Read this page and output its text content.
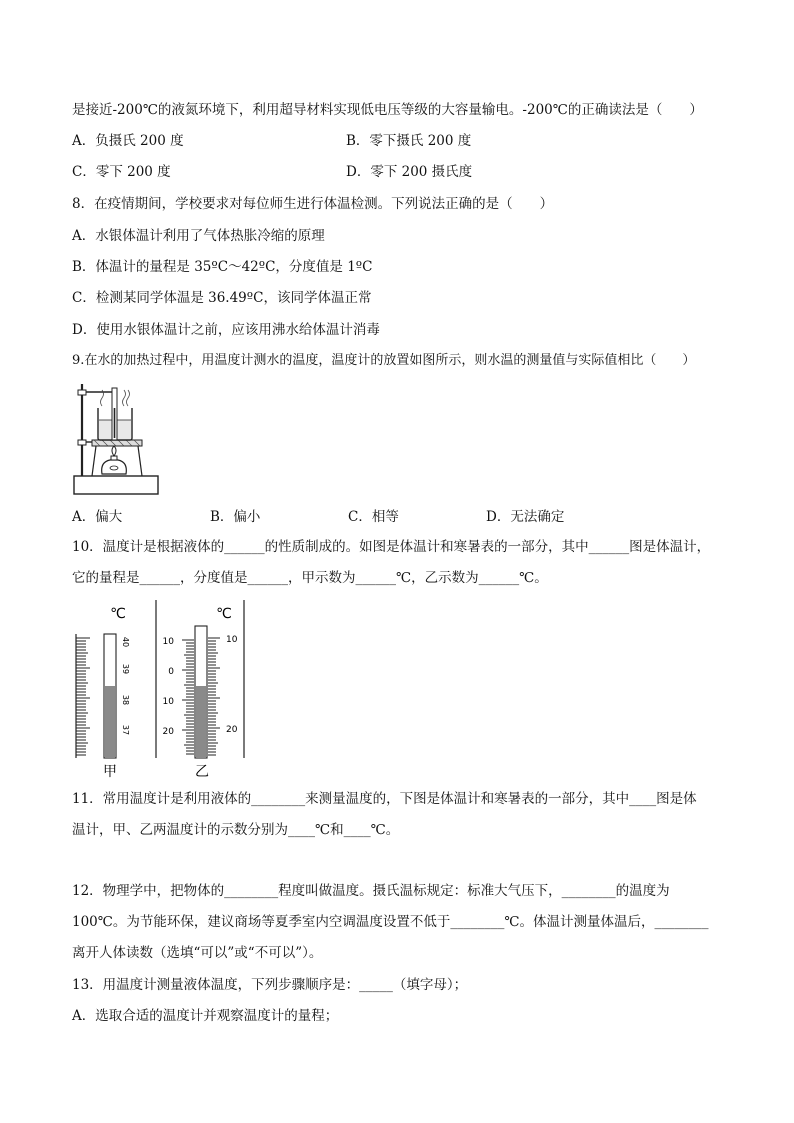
是接近-200℃的液氮环境下，利用超导材料实现低电压等级的大容量输电。-200℃的正确读法是（　　）
A．负摄氏 200 度	B．零下摄氏 200 度
C．零下 200 度	D．零下 200 摄氏度
8．在疫情期间，学校要求对每位师生进行体温检测。下列说法正确的是（　　）
A．水银体温计利用了气体热胀冷缩的原理
B．体温计的量程是 35ºC～42ºC，分度值是 1ºC
C．检测某同学体温是 36.49ºC，该同学体温正常
D．使用水银体温计之前，应该用沸水给体温计消毒
9.在水的加热过程中，用温度计测水的温度，温度计的放置如图所示，则水温的测量值与实际值相比（　　）
A．偏大	B．偏小	C．相等	D．无法确定
10．温度计是根据液体的______的性质制成的。如图是体温计和寒暑表的一部分，其中______图是体温计，
它的量程是______，分度值是______，甲示数为______℃，乙示数为______℃。
℃
40
39
38
37
甲
℃
10
0
10
20
10
20
乙
11．常用温度计是利用液体的________来测量温度的，下图是体温计和寒暑表的一部分，其中____图是体
温计，甲、乙两温度计的示数分别为____℃和____℃。
12．物理学中，把物体的________程度叫做温度。摄氏温标规定：标准大气压下，________的温度为
100℃。为节能环保，建议商场等夏季室内空调温度设置不低于________℃。体温计测量体温后，________
离开人体读数（选填“可以”或“不可以”）。
13．用温度计测量液体温度，下列步骤顺序是：_____（填字母）；
A．选取合适的温度计并观察温度计的量程；
